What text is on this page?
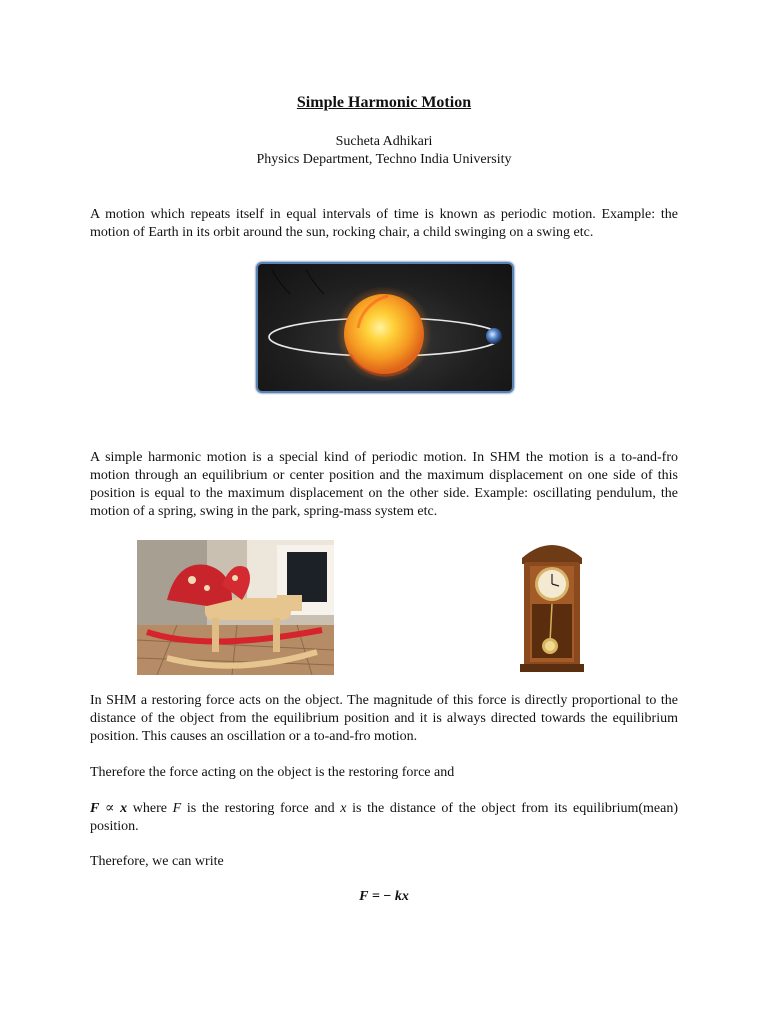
Simple Harmonic Motion
Sucheta Adhikari
Physics Department, Techno India University
A motion which repeats itself in equal intervals of time is known as periodic motion. Example: the motion of Earth in its orbit around the sun, rocking chair, a child swinging on a swing etc.
A simple harmonic motion is a special kind of periodic motion. In SHM the motion is a to-and-fro motion through an equilibrium or center position and the maximum displacement on one side of this position is equal to the maximum displacement on the other side. Example: oscillating pendulum, the motion of a spring, swing in the park, spring-mass system etc.
In SHM a restoring force acts on the object. The magnitude of this force is directly proportional to the distance of the object from the equilibrium position and it is always directed towards the equilibrium position. This causes an oscillation or a to-and-fro motion.
Therefore the force acting on the object is the restoring force and
F ∝ x where F is the restoring force and x is the distance of the object from its equilibrium(mean) position.
Therefore, we can write
F = − kx
